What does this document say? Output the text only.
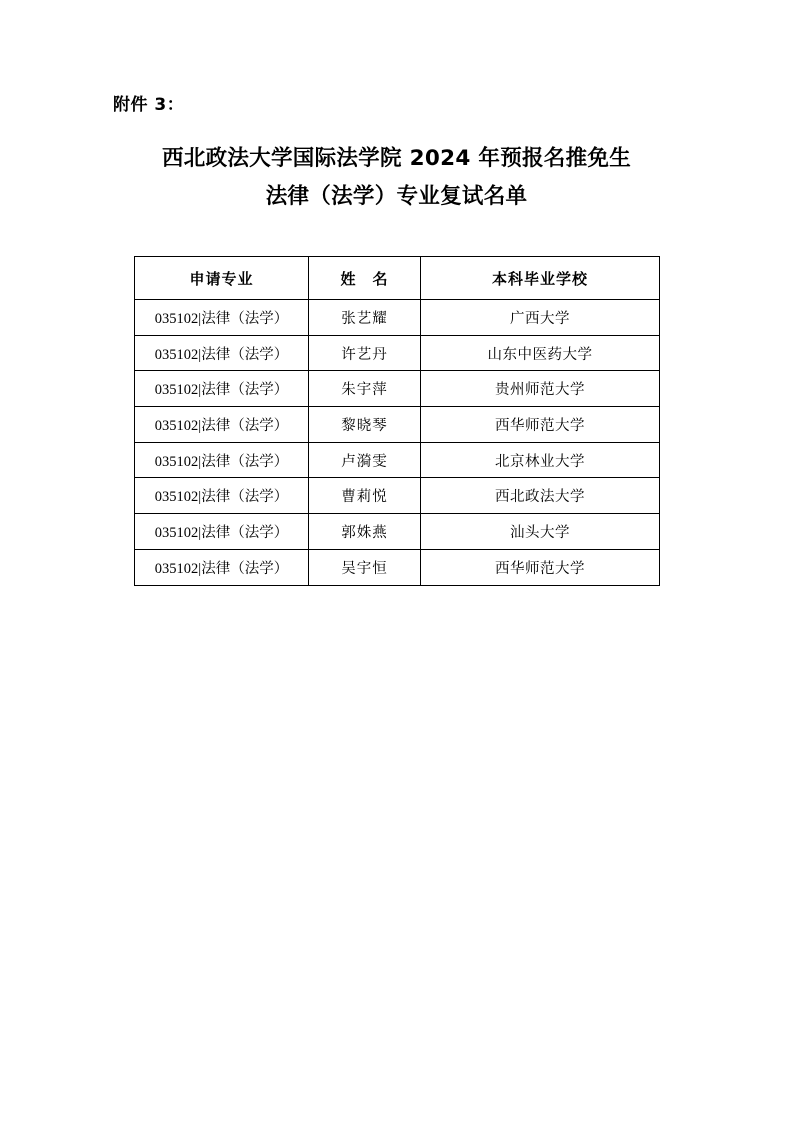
附件 3：
西北政法大学国际法学院 2024 年预报名推免生
法律（法学）专业复试名单
申请专业	姓　名	本科毕业学校
035102|法律（法学）	张艺耀	广西大学
035102|法律（法学）	许艺丹	山东中医药大学
035102|法律（法学）	朱宇萍	贵州师范大学
035102|法律（法学）	黎晓琴	西华师范大学
035102|法律（法学）	卢漪雯	北京林业大学
035102|法律（法学）	曹莉悦	西北政法大学
035102|法律（法学）	郭姝燕	汕头大学
035102|法律（法学）	吴宇恒	西华师范大学
